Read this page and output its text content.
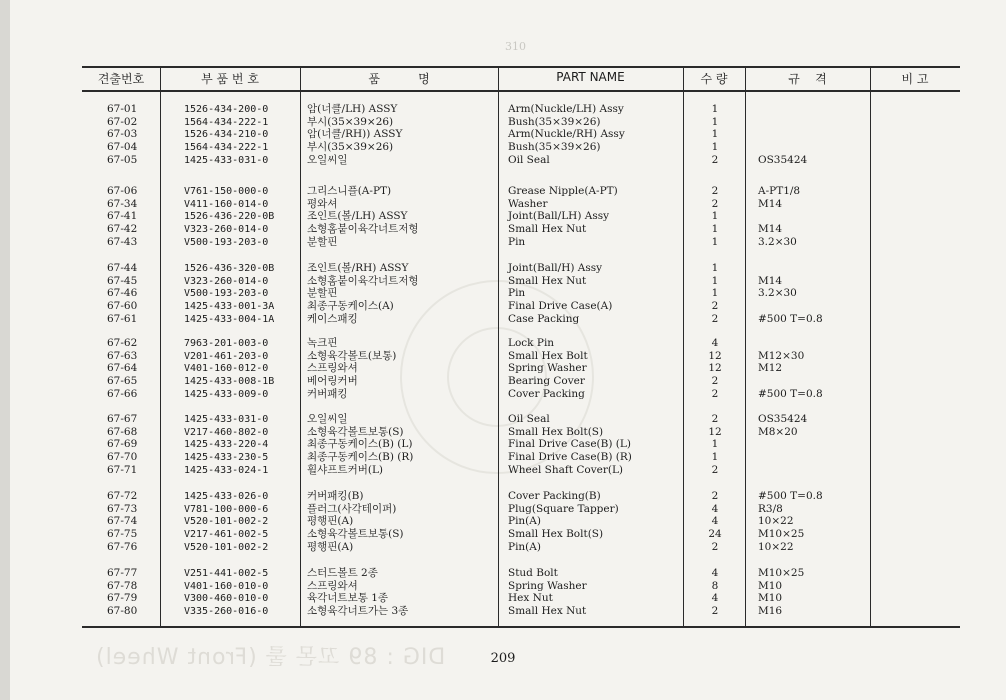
310
DIG : 89 꼬몬 룰 (Front Wheel)
견출번호	부 품 번 호	품          명	PART NAME	수 량	규    격	비 고
67-01	1526-434-200-0	암(너클/LH) ASSY	Arm(Nuckle/LH) Assy	1
67-02	1564-434-222-1	부시(35×39×26)	Bush(35×39×26)	1
67-03	1526-434-210-0	암(너클/RH)) ASSY	Arm(Nuckle/RH) Assy	1
67-04	1564-434-222-1	부시(35×39×26)	Bush(35×39×26)	1
67-05	1425-433-031-0	오일씨일	Oil Seal	2	OS35424
67-06	V761-150-000-0	그리스니플(A-PT)	Grease Nipple(A-PT)	2	A-PT1/8
67-34	V411-160-014-0	평와셔	Washer	2	M14
67-41	1526-436-220-0B	조인트(볼/LH) ASSY	Joint(Ball/LH) Assy	1
67-42	V323-260-014-0	소형홈붙이육각너트저형	Small Hex Nut	1	M14
67-43	V500-193-203-0	분할핀	Pin	1	3.2×30
67-44	1526-436-320-0B	조인트(볼/RH) ASSY	Joint(Ball/H) Assy	1
67-45	V323-260-014-0	소형홈붙이육각너트저형	Small Hex Nut	1	M14
67-46	V500-193-203-0	분할핀	Pin	1	3.2×30
67-60	1425-433-001-3A	최종구동케이스(A)	Final Drive Case(A)	2
67-61	1425-433-004-1A	케이스패킹	Case Packing	2	#500 T=0.8
67-62	7963-201-003-0	녹크핀	Lock Pin	4
67-63	V201-461-203-0	소형육각볼트(보통)	Small Hex Bolt	12	M12×30
67-64	V401-160-012-0	스프링와셔	Spring Washer	12	M12
67-65	1425-433-008-1B	베어링커버	Bearing Cover	2
67-66	1425-433-009-0	커버패킹	Cover Packing	2	#500 T=0.8
67-67	1425-433-031-0	오일씨일	Oil Seal	2	OS35424
67-68	V217-460-802-0	소형육각볼트보통(S)	Small Hex Bolt(S)	12	M8×20
67-69	1425-433-220-4	최종구동케이스(B) (L)	Final Drive Case(B) (L)	1
67-70	1425-433-230-5	최종구동케이스(B) (R)	Final Drive Case(B) (R)	1
67-71	1425-433-024-1	휠샤프트커버(L)	Wheel Shaft Cover(L)	2
67-72	1425-433-026-0	커버패킹(B)	Cover Packing(B)	2	#500 T=0.8
67-73	V781-100-000-6	플러그(사각테이퍼)	Plug(Square Tapper)	4	R3/8
67-74	V520-101-002-2	평행핀(A)	Pin(A)	4	10×22
67-75	V217-461-002-5	소형육각볼트보통(S)	Small Hex Bolt(S)	24	M10×25
67-76	V520-101-002-2	평행핀(A)	Pin(A)	2	10×22
67-77	V251-441-002-5	스터드볼트 2종	Stud Bolt	4	M10×25
67-78	V401-160-010-0	스프링와셔	Spring Washer	8	M10
67-79	V300-460-010-0	육각너트보통 1종	Hex Nut	4	M10
67-80	V335-260-016-0	소형육각너트가는 3종	Small Hex Nut	2	M16
209
